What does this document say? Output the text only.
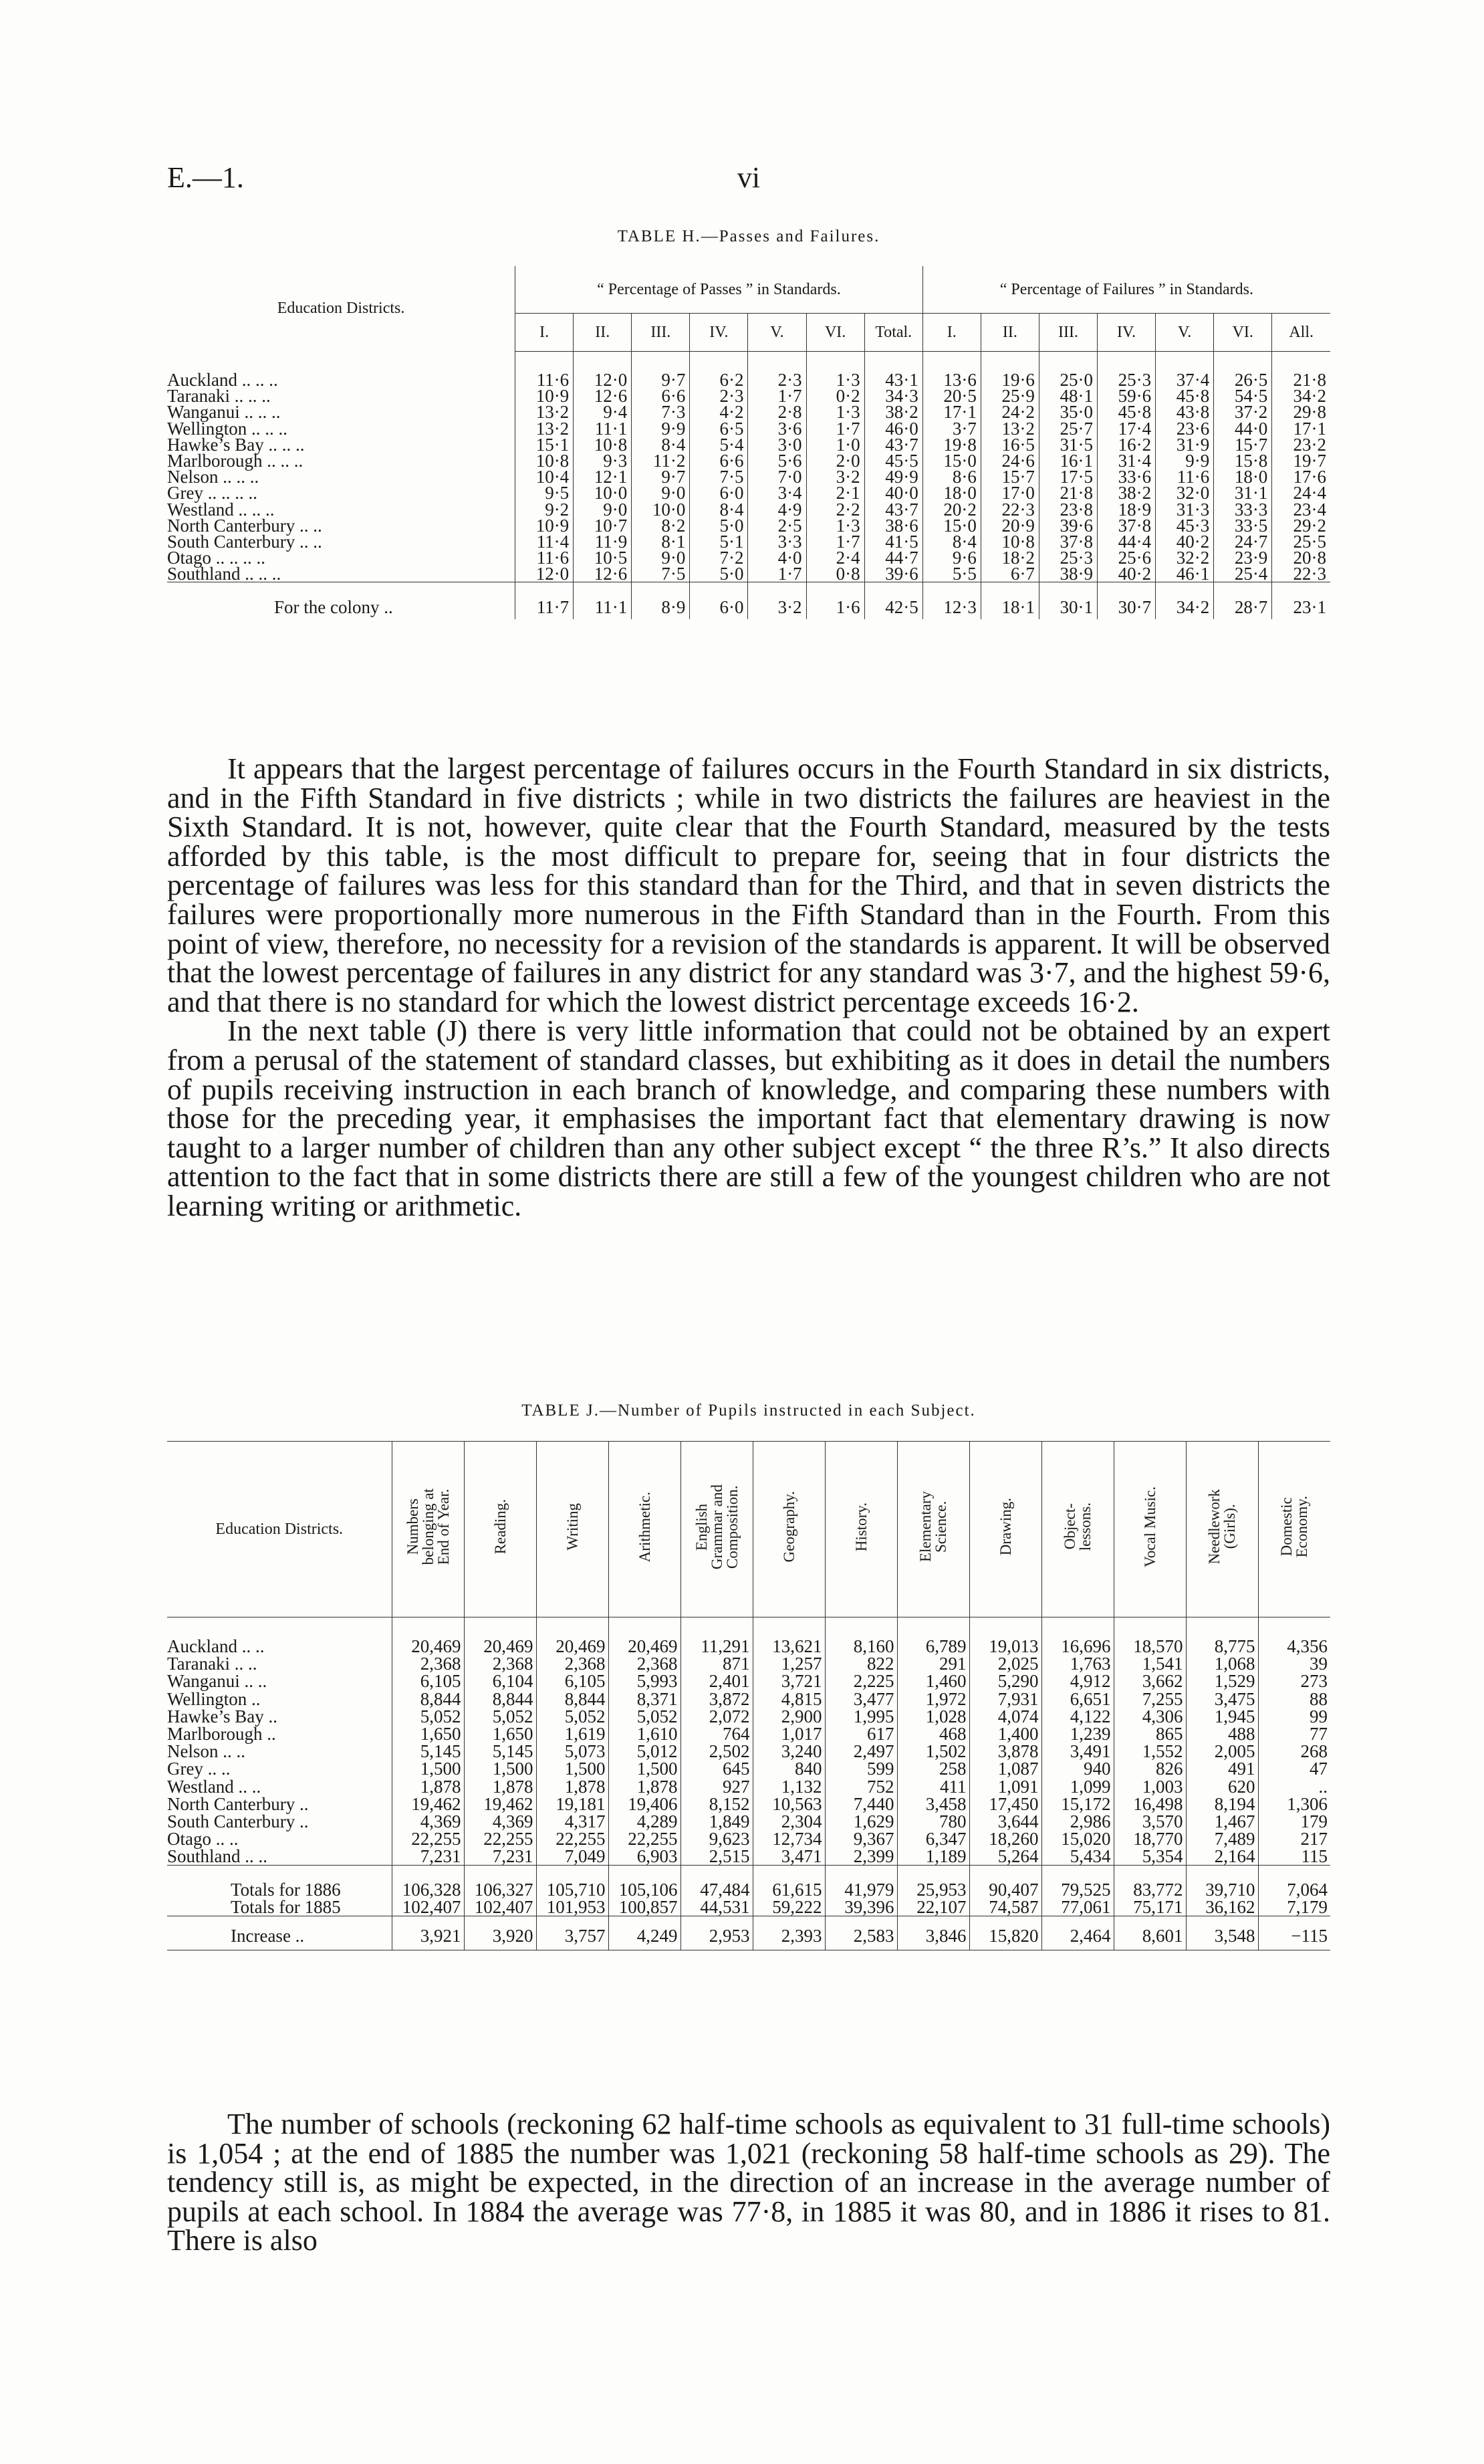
E.—1.	vi
TABLE H.—Passes and Failures.
Education Districts.	“ Percentage of Passes ” in Standards.							“ Percentage of Failures ” in Standards.						
	I.	II.	III.	IV.	V.	VI.	Total.	I.	II.	III.	IV.	V.	VI.	All.
Auckland .. .. ..	11·6	12·0	9·7	6·2	2·3	1·3	43·1	13·6	19·6	25·0	25·3	37·4	26·5	21·8
Taranaki .. .. ..	10·9	12·6	6·6	2·3	1·7	0·2	34·3	20·5	25·9	48·1	59·6	45·8	54·5	34·2
Wanganui .. .. ..	13·2	9·4	7·3	4·2	2·8	1·3	38·2	17·1	24·2	35·0	45·8	43·8	37·2	29·8
Wellington .. .. ..	13·2	11·1	9·9	6·5	3·6	1·7	46·0	3·7	13·2	25·7	17·4	23·6	44·0	17·1
Hawke’s Bay .. .. ..	15·1	10·8	8·4	5·4	3·0	1·0	43·7	19·8	16·5	31·5	16·2	31·9	15·7	23·2
Marlborough .. .. ..	10·8	9·3	11·2	6·6	5·6	2·0	45·5	15·0	24·6	16·1	31·4	9·9	15·8	19·7
Nelson .. .. ..	10·4	12·1	9·7	7·5	7·0	3·2	49·9	8·6	15·7	17·5	33·6	11·6	18·0	17·6
Grey .. .. .. ..	9·5	10·0	9·0	6·0	3·4	2·1	40·0	18·0	17·0	21·8	38·2	32·0	31·1	24·4
Westland .. .. ..	9·2	9·0	10·0	8·4	4·9	2·2	43·7	20·2	22·3	23·8	18·9	31·3	33·3	23·4
North Canterbury .. ..	10·9	10·7	8·2	5·0	2·5	1·3	38·6	15·0	20·9	39·6	37·8	45·3	33·5	29·2
South Canterbury .. ..	11·4	11·9	8·1	5·1	3·3	1·7	41·5	8·4	10·8	37·8	44·4	40·2	24·7	25·5
Otago .. .. .. ..	11·6	10·5	9·0	7·2	4·0	2·4	44·7	9·6	18·2	25·3	25·6	32·2	23·9	20·8
Southland .. .. ..	12·0	12·6	7·5	5·0	1·7	0·8	39·6	5·5	6·7	38·9	40·2	46·1	25·4	22·3
For the colony ..	11·7	11·1	8·9	6·0	3·2	1·6	42·5	12·3	18·1	30·1	30·7	34·2	28·7	23·1

It appears that the largest percentage of failures occurs in the Fourth Standard in six districts, and in the Fifth Standard in five districts ; while in two districts the failures are heaviest in the Sixth Standard. It is not, however, quite clear that the Fourth Standard, measured by the tests afforded by this table, is the most difficult to prepare for, seeing that in four districts the percentage of failures was less for this standard than for the Third, and that in seven districts the failures were proportionally more numerous in the Fifth Standard than in the Fourth. From this point of view, therefore, no necessity for a revision of the standards is apparent. It will be observed that the lowest percentage of failures in any district for any standard was 3·7, and the highest 59·6, and that there is no standard for which the lowest district percentage exceeds 16·2.

In the next table (J) there is very little information that could not be obtained by an expert from a perusal of the statement of standard classes, but exhibiting as it does in detail the numbers of pupils receiving instruction in each branch of knowledge, and comparing these numbers with those for the preceding year, it emphasises the important fact that elementary drawing is now taught to a larger number of children than any other subject except “ the three R’s.” It also directs attention to the fact that in some districts there are still a few of the youngest children who are not learning writing or arithmetic.

TABLE J.—Number of Pupils instructed in each Subject.
Education Districts.	Numbers
belonging at
End of Year.	Reading.	Writing	Arithmetic.	English
Grammar and
Composition.	Geography.	History.	Elementary
Science.	Drawing.	Object-
lessons.	Vocal Music.	Needlework
(Girls).	Domestic
Economy.
Auckland .. ..	20,469	20,469	20,469	20,469	11,291	13,621	8,160	6,789	19,013	16,696	18,570	8,775	4,356
Taranaki .. ..	2,368	2,368	2,368	2,368	871	1,257	822	291	2,025	1,763	1,541	1,068	39
Wanganui .. ..	6,105	6,104	6,105	5,993	2,401	3,721	2,225	1,460	5,290	4,912	3,662	1,529	273
Wellington ..	8,844	8,844	8,844	8,371	3,872	4,815	3,477	1,972	7,931	6,651	7,255	3,475	88
Hawke’s Bay ..	5,052	5,052	5,052	5,052	2,072	2,900	1,995	1,028	4,074	4,122	4,306	1,945	99
Marlborough ..	1,650	1,650	1,619	1,610	764	1,017	617	468	1,400	1,239	865	488	77
Nelson .. ..	5,145	5,145	5,073	5,012	2,502	3,240	2,497	1,502	3,878	3,491	1,552	2,005	268
Grey .. ..	1,500	1,500	1,500	1,500	645	840	599	258	1,087	940	826	491	47
Westland .. ..	1,878	1,878	1,878	1,878	927	1,132	752	411	1,091	1,099	1,003	620	..
North Canterbury ..	19,462	19,462	19,181	19,406	8,152	10,563	7,440	3,458	17,450	15,172	16,498	8,194	1,306
South Canterbury ..	4,369	4,369	4,317	4,289	1,849	2,304	1,629	780	3,644	2,986	3,570	1,467	179
Otago .. ..	22,255	22,255	22,255	22,255	9,623	12,734	9,367	6,347	18,260	15,020	18,770	7,489	217
Southland .. ..	7,231	7,231	7,049	6,903	2,515	3,471	2,399	1,189	5,264	5,434	5,354	2,164	115
Totals for 1886	106,328	106,327	105,710	105,106	47,484	61,615	41,979	25,953	90,407	79,525	83,772	39,710	7,064
Totals for 1885	102,407	102,407	101,953	100,857	44,531	59,222	39,396	22,107	74,587	77,061	75,171	36,162	7,179
Increase ..	3,921	3,920	3,757	4,249	2,953	2,393	2,583	3,846	15,820	2,464	8,601	3,548	−115

The number of schools (reckoning 62 half-time schools as equivalent to 31 full-time schools) is 1,054 ; at the end of 1885 the number was 1,021 (reckoning 58 half-time schools as 29). The tendency still is, as might be expected, in the direction of an increase in the average number of pupils at each school. In 1884 the average was 77·8, in 1885 it was 80, and in 1886 it rises to 81. There is also
